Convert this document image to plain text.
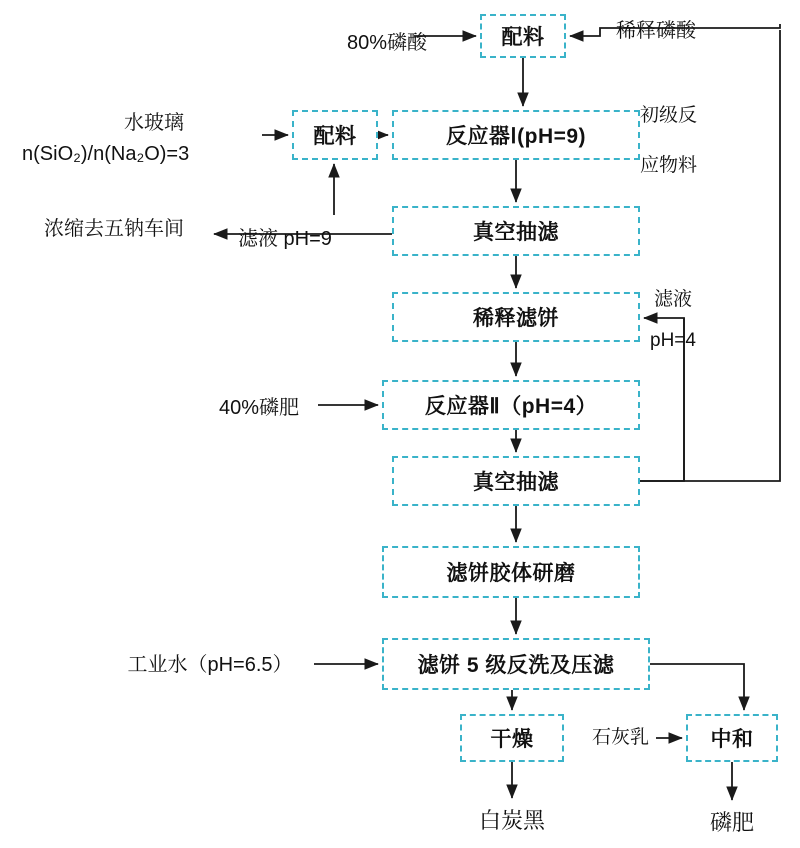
配料
配料	反应器Ⅰ(pH=9)
真空抽滤
稀释滤饼
反应器Ⅱ（pH=4）
真空抽滤
滤饼胶体研磨
滤饼 5 级反洗及压滤
干燥	中和
80%磷酸
稀释磷酸
水玻璃
n(SiO₂)/n(Na₂O)=3
初级反
应物料
浓缩去五钠车间	滤液 pH=9
滤液
pH=4
40%磷肥
工业水（pH=6.5）
石灰乳
白炭黑	磷肥
